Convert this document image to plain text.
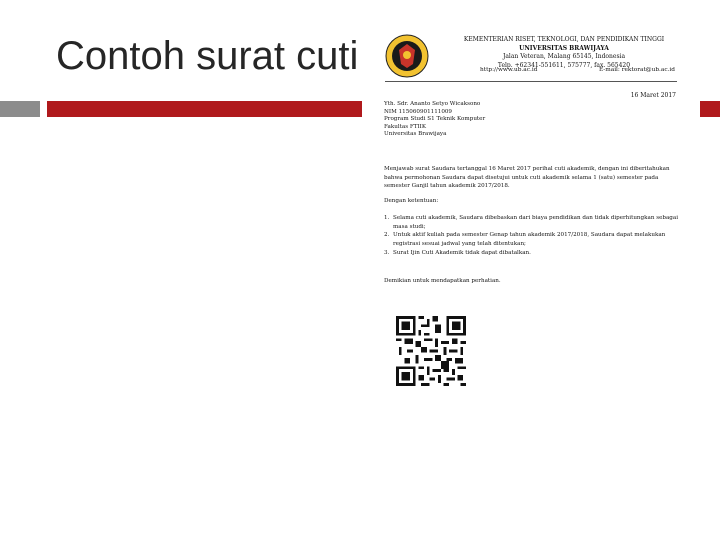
Contoh surat cuti	KEMENTERIAN RISET, TEKNOLOGI, DAN PENDIDIKAN TINGGI
UNIVERSITAS BRAWIJAYA
Jalan Veteran, Malang 65145, Indonesia
Telp. +62341-551611, 575777, fax. 565420
http://www.ub.ac.id	E-mail: rektorat@ub.ac.id
16 Maret 2017
Yth. Sdr. Ananto Setyo Wicaksono
NIM 115060901111009
Program Studi S1 Teknik Komputer
Fakultas FTIIK
Universitas Brawijaya
Menjawab surat Saudara tertanggal 16 Maret 2017 perihal cuti akademik, dengan ini diberitahukan bahwa permohonan Saudara dapat disetujui untuk cuti akademik selama 1 (satu) semester pada semester Ganjil tahun akademik 2017/2018.
Dengan ketentuan:
1. Selama cuti akademik, Saudara dibebaskan dari biaya pendidikan dan tidak diperhitungkan sebagai masa studi;
2. Untuk aktif kuliah pada semester Genap tahun akademik 2017/2018, Saudara dapat melakukan registrasi sesuai jadwal yang telah ditentukan;
3. Surat Ijin Cuti Akademik tidak dapat dibatalkan.
Demikian untuk mendapatkan perhatian.
